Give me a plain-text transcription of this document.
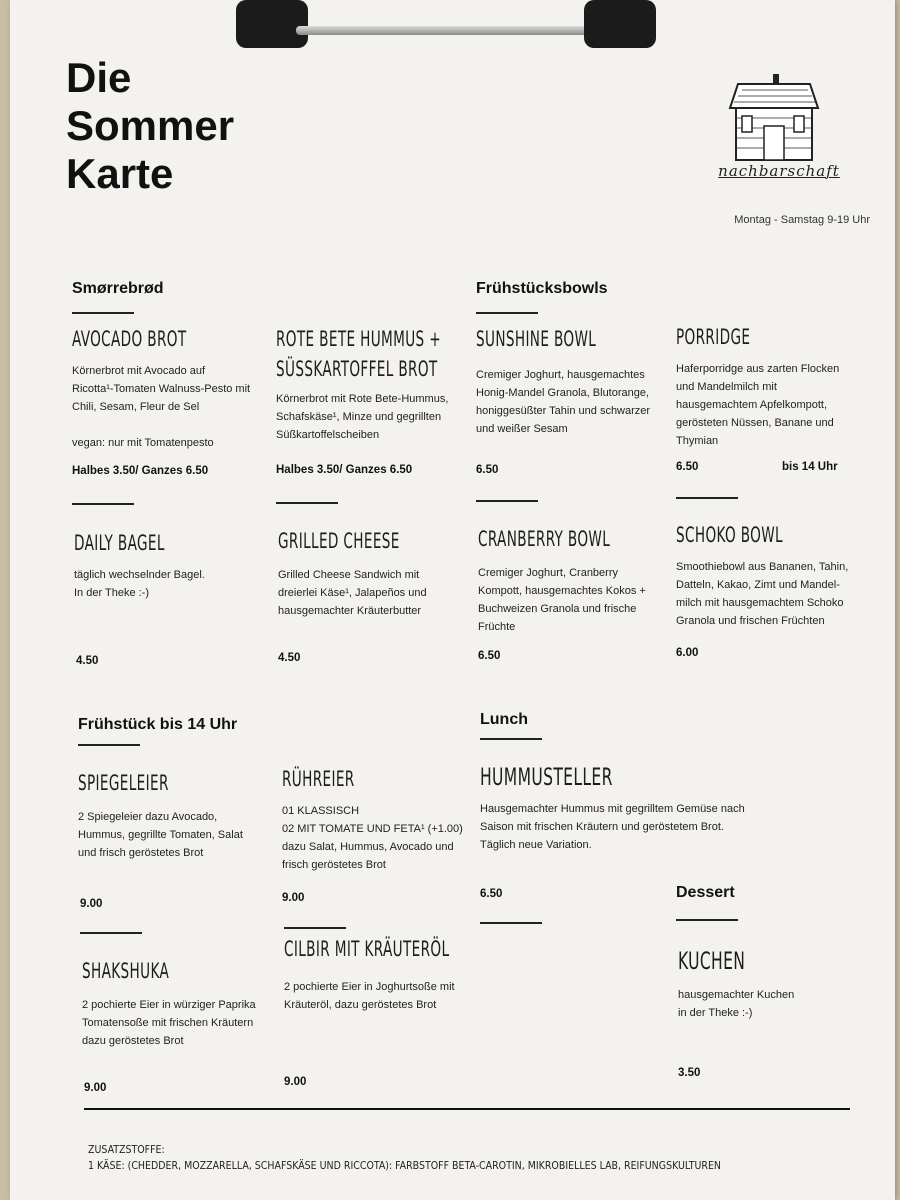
Die
Sommer
Karte	nachbarschaft
Montag - Samstag 9-19 Uhr
Smørrebrød	Frühstücksbowls
AVOCADO BROT
Körnerbrot mit Avocado auf
Ricotta¹-Tomaten Walnuss-Pesto mit
Chili, Sesam, Fleur de Sel

vegan: nur mit Tomatenpesto
Halbes 3.50/ Ganzes 6.50
ROTE BETE HUMMUS +
SÜSSKARTOFFEL BROT
Körnerbrot mit Rote Bete-Hummus,
Schafskäse¹, Minze und gegrillten
Süßkartoffelscheiben
Halbes 3.50/ Ganzes 6.50
SUNSHINE BOWL
Cremiger Joghurt, hausgemachtes
Honig-Mandel Granola, Blutorange,
honiggesüßter Tahin und schwarzer
und weißer Sesam
6.50
PORRIDGE
Haferporridge aus zarten Flocken
und Mandelmilch mit
hausgemachtem Apfelkompott,
gerösteten Nüssen, Banane und
Thymian
6.50	bis 14 Uhr
DAILY BAGEL
täglich wechselnder Bagel.
In der Theke :-)
4.50
GRILLED CHEESE
Grilled Cheese Sandwich mit
dreierlei Käse¹, Jalapeños und
hausgemachter Kräuterbutter
4.50
CRANBERRY BOWL
Cremiger Joghurt, Cranberry
Kompott, hausgemachtes Kokos +
Buchweizen Granola und frische
Früchte
6.50
SCHOKO BOWL
Smoothiebowl aus Bananen, Tahin,
Datteln, Kakao, Zimt und Mandel-
milch mit hausgemachtem Schoko
Granola und frischen Früchten
6.00
Frühstück bis 14 Uhr	Lunch
SPIEGELEIER
2 Spiegeleier dazu Avocado,
Hummus, gegrillte Tomaten, Salat
und frisch geröstetes Brot
9.00
RÜHREIER
01 KLASSISCH
02 MIT TOMATE UND FETA¹ (+1.00)
dazu Salat, Hummus, Avocado und
frisch geröstetes Brot
9.00
HUMMUSTELLER
Hausgemachter Hummus mit gegrilltem Gemüse nach
Saison mit frischen Kräutern und geröstetem Brot.
Täglich neue Variation.
6.50	Dessert
SHAKSHUKA
2 pochierte Eier in würziger Paprika
Tomatensoße mit frischen Kräutern
dazu geröstetes Brot
9.00
CILBIR MIT KRÄUTERÖL
2 pochierte Eier in Joghurtsoße mit
Kräuteröl, dazu geröstetes Brot
9.00
KUCHEN
hausgemachter Kuchen
in der Theke :-)
3.50
ZUSATZSTOFFE:
1 KÄSE: (CHEDDER, MOZZARELLA, SCHAFSKÄSE UND RICCOTA): FARBSTOFF BETA-CAROTIN, MIKROBIELLES LAB, REIFUNGSKULTUREN
